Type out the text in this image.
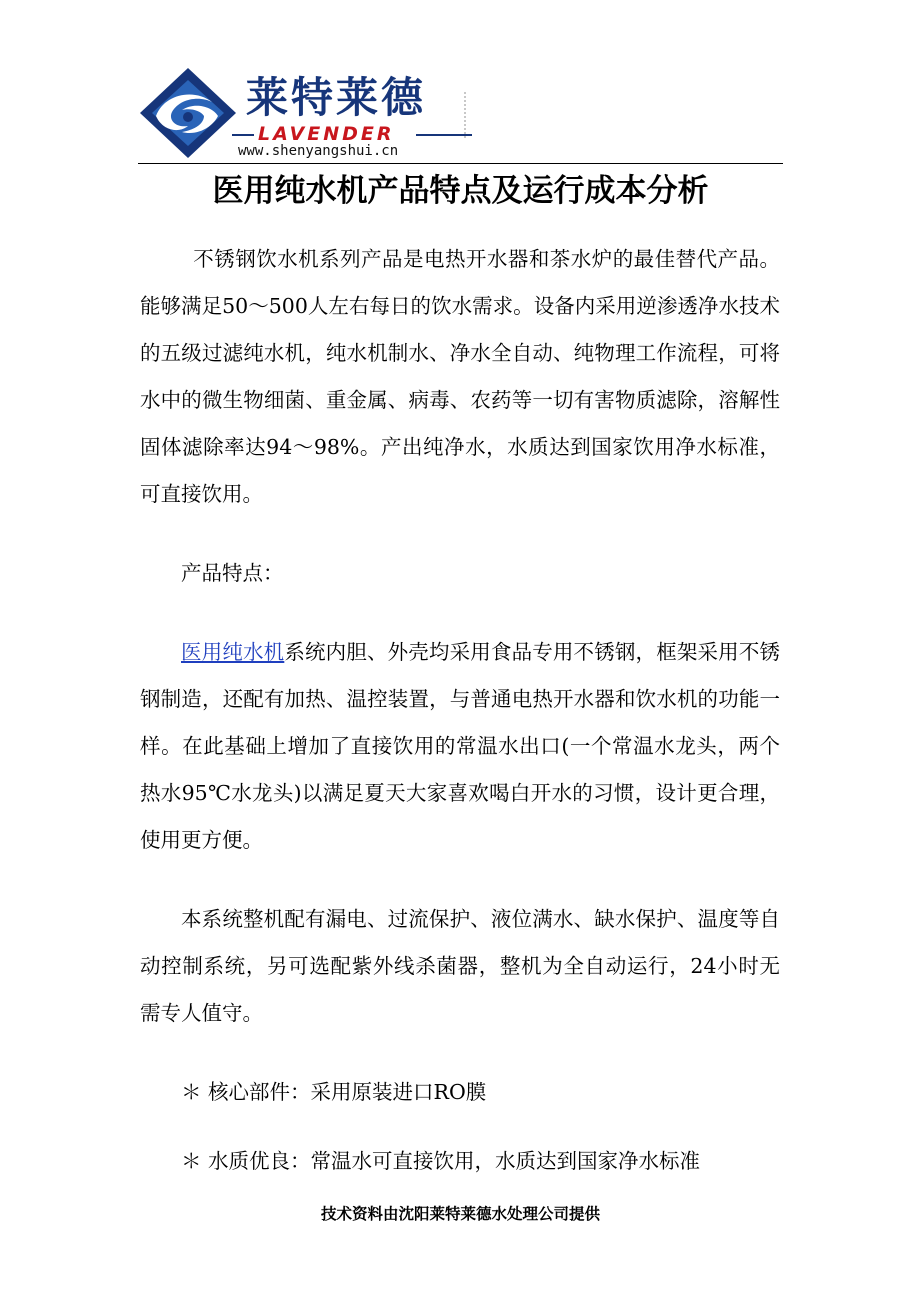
莱特莱德
LAVENDER
www.shenyangshui.cn
医用纯水机产品特点及运行成本分析

不锈钢饮水机系列产品是电热开水器和茶水炉的最佳替代产品。能够满足50～500人左右每日的饮水需求。设备内采用逆渗透净水技术的五级过滤纯水机，纯水机制水、净水全自动、纯物理工作流程，可将水中的微生物细菌、重金属、病毒、农药等一切有害物质滤除，溶解性固体滤除率达94～98%。产出纯净水，水质达到国家饮用净水标准，可直接饮用。

产品特点：

医用纯水机系统内胆、外壳均采用食品专用不锈钢，框架采用不锈钢制造，还配有加热、温控装置，与普通电热开水器和饮水机的功能一样。在此基础上增加了直接饮用的常温水出口(一个常温水龙头，两个热水95℃水龙头)以满足夏天大家喜欢喝白开水的习惯，设计更合理，使用更方便。

本系统整机配有漏电、过流保护、液位满水、缺水保护、温度等自动控制系统，另可选配紫外线杀菌器，整机为全自动运行，24小时无需专人值守。

＊ 核心部件：采用原装进口RO膜

＊ 水质优良：常温水可直接饮用，水质达到国家净水标准

技术资料由沈阳莱特莱德水处理公司提供
